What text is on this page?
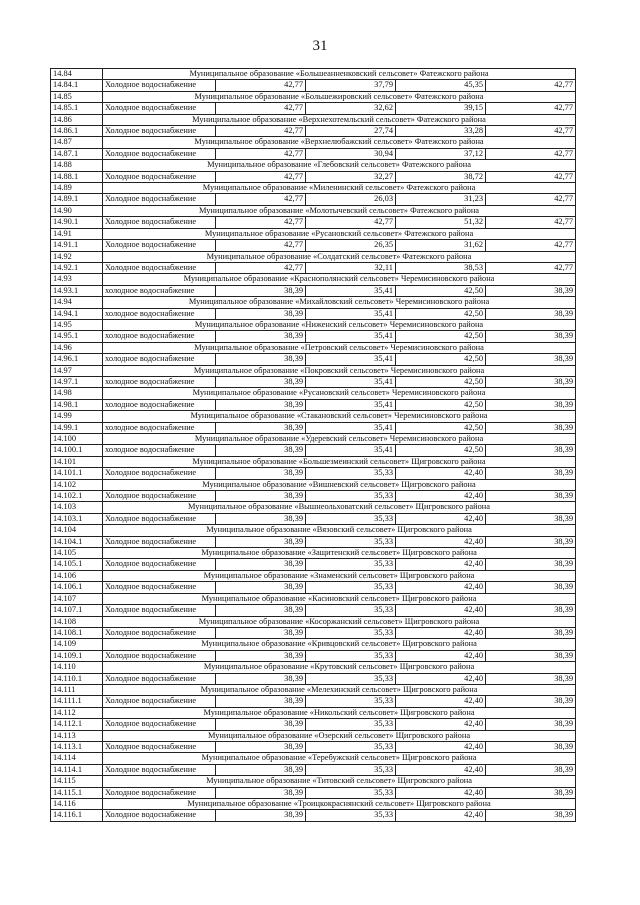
31
14.84	Муниципальное образование «Большеанненковский сельсовет» Фатежского района				
14.84.1	Холодное водоснабжение	42,77	37,79	45,35	42,77
14.85	Муниципальное образование «Большежировский сельсовет» Фатежского района				
14.85.1	Холодное водоснабжение	42,77	32,62	39,15	42,77
14.86	Муниципальное образование «Верхнехотемльский сельсовет» Фатежского района				
14.86.1	Холодное водоснабжение	42,77	27,74	33,28	42,77
14.87	Муниципальное образование «Верхнелюбажский сельсовет» Фатежского района				
14.87.1	Холодное водоснабжение	42,77	30,94	37,12	42,77
14.88	Муниципальное образование «Глебовский сельсовет» Фатежского района				
14.88.1	Холодное водоснабжение	42,77	32,27	38,72	42,77
14.89	Муниципальное образование «Миленинский сельсовет» Фатежского района				
14.89.1	Холодное водоснабжение	42,77	26,03	31,23	42,77
14.90	Муниципальное образование «Молотычевский сельсовет» Фатежского района				
14.90.1	Холодное водоснабжение	42,77	42,77	51,32	42,77
14.91	Муниципальное образование «Русановский сельсовет» Фатежского района				
14.91.1	Холодное водоснабжение	42,77	26,35	31,62	42,77
14.92	Муниципальное образование «Солдатский сельсовет» Фатежского района				
14.92.1	Холодное водоснабжение	42,77	32,11	38,53	42,77
14.93	Муниципальное образование «Краснополянский сельсовет» Черемисиновского района				
14.93.1	холодное водоснабжение	38,39	35,41	42,50	38,39
14.94	Муниципальное образование «Михайловский сельсовет» Черемисиновского района				
14.94.1	холодное водоснабжение	38,39	35,41	42,50	38,39
14.95	Муниципальное образование «Ниженский сельсовет» Черемисиновского района				
14.95.1	холодное водоснабжение	38,39	35,41	42,50	38,39
14.96	Муниципальное образование «Петровский сельсовет» Черемисиновского района				
14.96.1	холодное водоснабжение	38,39	35,41	42,50	38,39
14.97	Муниципальное образование «Покровский сельсовет» Черемисиновского района				
14.97.1	холодное водоснабжение	38,39	35,41	42,50	38,39
14.98	Муниципальное образование «Русановский сельсовет» Черемисиновского района				
14.98.1	холодное водоснабжение	38,39	35,41	42,50	38,39
14.99	Муниципальное образование «Стакановский сельсовет» Черемисиновского района				
14.99.1	холодное водоснабжение	38,39	35,41	42,50	38,39
14.100	Муниципальное образование «Удеревский сельсовет» Черемисиновского района				
14.100.1	холодное водоснабжение	38,39	35,41	42,50	38,39
14.101	Муниципальное образование «Большезмеинский сельсовет» Щигровского района				
14.101.1	Холодное водоснабжение	38,39	35,33	42,40	38,39
14.102	Муниципальное образование «Вишневский сельсовет» Щигровского района				
14.102.1	Холодное водоснабжение	38,39	35,33	42,40	38,39
14.103	Муниципальное образование «Вышнеольховатский сельсовет» Щигровского района				
14.103.1	Холодное водоснабжение	38,39	35,33	42,40	38,39
14.104	Муниципальное образование «Вязовский сельсовет» Щигровского района				
14.104.1	Холодное водоснабжение	38,39	35,33	42,40	38,39
14.105	Муниципальное образование «Защитенский сельсовет» Щигровского района				
14.105.1	Холодное водоснабжение	38,39	35,33	42,40	38,39
14.106	Муниципальное образование «Знаменский сельсовет» Щигровского района				
14.106.1	Холодное водоснабжение	38,39	35,33	42,40	38,39
14.107	Муниципальное образование «Касиновский сельсовет» Щигровского района				
14.107.1	Холодное водоснабжение	38,39	35,33	42,40	38,39
14.108	Муниципальное образование «Косоржанский сельсовет» Щигровского района				
14.108.1	Холодное водоснабжение	38,39	35,33	42,40	38,39
14.109	Муниципальное образование «Кривцовский сельсовет» Щигровского района				
14.109.1	Холодное водоснабжение	38,39	35,33	42,40	38,39
14.110	Муниципальное образование «Крутовский сельсовет» Щигровского района				
14.110.1	Холодное водоснабжение	38,39	35,33	42,40	38,39
14.111	Муниципальное образование «Мелехинский сельсовет» Щигровского района				
14.111.1	Холодное водоснабжение	38,39	35,33	42,40	38,39
14.112	Муниципальное образование «Никольский сельсовет» Щигровского района				
14.112.1	Холодное водоснабжение	38,39	35,33	42,40	38,39
14.113	Муниципальное образование «Озерский сельсовет» Щигровского района				
14.113.1	Холодное водоснабжение	38,39	35,33	42,40	38,39
14.114	Муниципальное образование «Теребужский сельсовет» Щигровского района				
14.114.1	Холодное водоснабжение	38,39	35,33	42,40	38,39
14.115	Муниципальное образование «Титовский сельсовет» Щигровского района				
14.115.1	Холодное водоснабжение	38,39	35,33	42,40	38,39
14.116	Муниципальное образование «Троицкокраснянский сельсовет» Щигровского района				
14.116.1	Холодное водоснабжение	38,39	35,33	42,40	38,39
